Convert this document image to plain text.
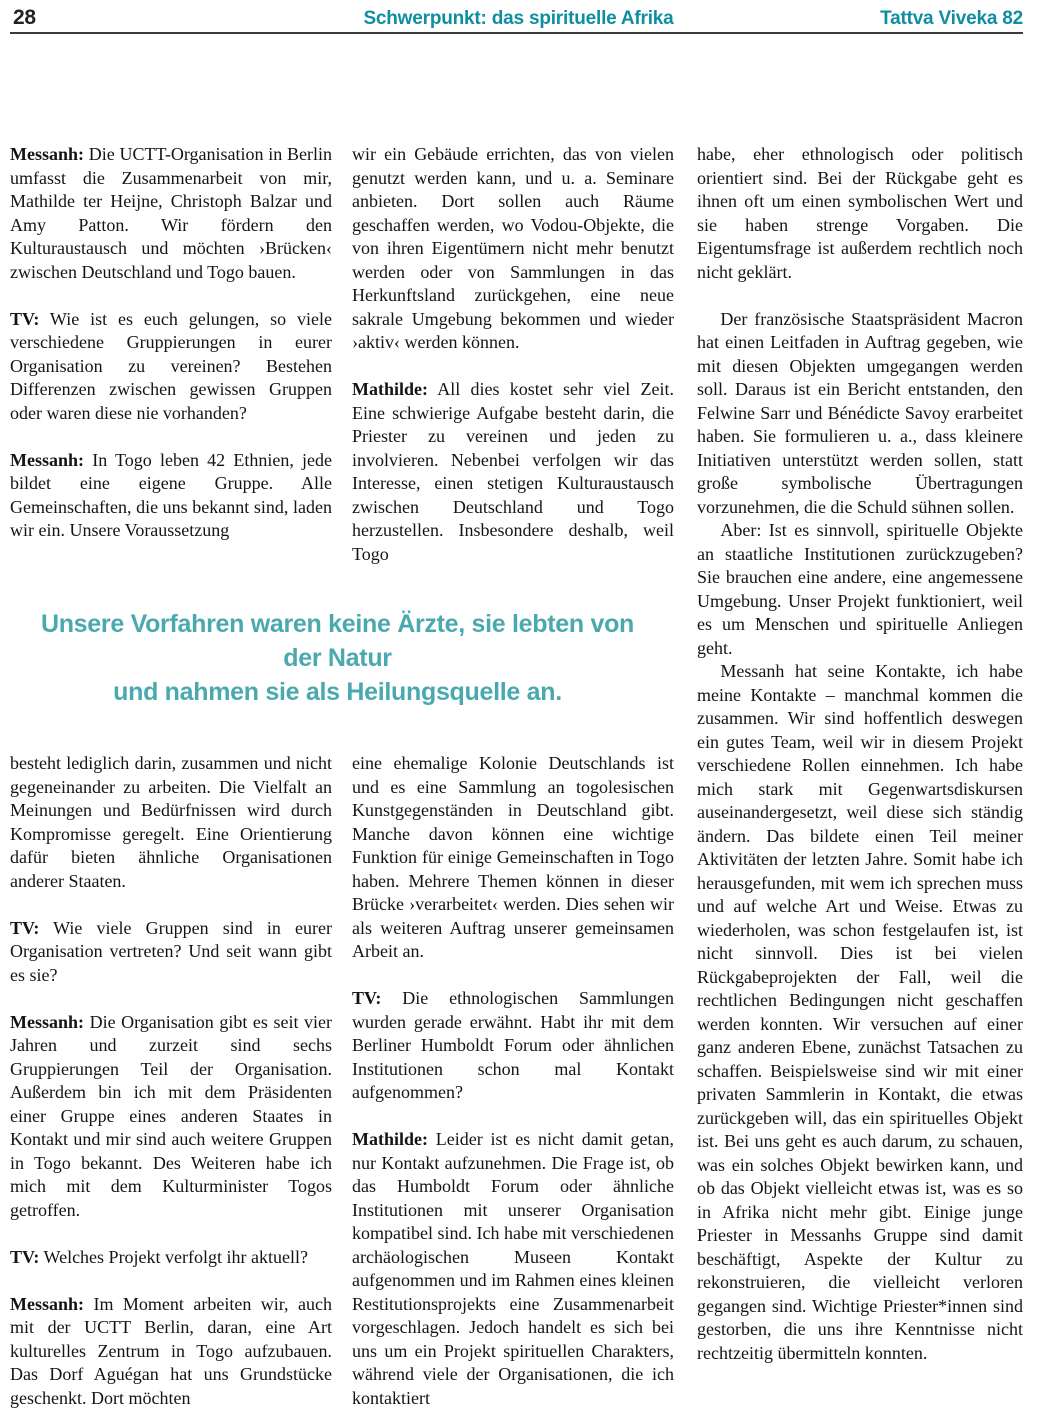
28	Schwerpunkt: das spirituelle Afrika	Tattva Viveka 82

Messanh: Die UCTT-Organisation in Berlin umfasst die Zusammenarbeit von mir, Mathilde ter Heijne, Christoph Balzar und Amy Patton. Wir fördern den Kulturaustausch und möchten ›Brücken‹ zwischen Deutschland und Togo bauen.

TV: Wie ist es euch gelungen, so viele verschiedene Gruppierungen in eurer Organisation zu vereinen? Bestehen Differenzen zwischen gewissen Gruppen oder waren diese nie vorhanden?

Messanh: In Togo leben 42 Ethnien, jede bildet eine eigene Gruppe. Alle Gemeinschaften, die uns bekannt sind, laden wir ein. Unsere Voraussetzung

wir ein Gebäude errichten, das von vielen genutzt werden kann, und u. a. Seminare anbieten. Dort sollen auch Räume geschaffen werden, wo Vodou-Objekte, die von ihren Eigentümern nicht mehr benutzt werden oder von Sammlungen in das Herkunftsland zurückgehen, eine neue sakrale Umgebung bekommen und wieder ›aktiv‹ werden können.

Mathilde: All dies kostet sehr viel Zeit. Eine schwierige Aufgabe besteht darin, die Priester zu vereinen und jeden zu involvieren. Nebenbei verfolgen wir das Interesse, einen stetigen Kulturaustausch zwischen Deutschland und Togo herzustellen. Insbesondere deshalb, weil Togo

habe, eher ethnologisch oder politisch orientiert sind. Bei der Rückgabe geht es ihnen oft um einen symbolischen Wert und sie haben strenge Vorgaben. Die Eigentumsfrage ist außerdem rechtlich noch nicht geklärt.

Der französische Staatspräsident Macron hat einen Leitfaden in Auftrag gegeben, wie mit diesen Objekten umgegangen werden soll. Daraus ist ein Bericht entstanden, den Felwine Sarr und Bénédicte Savoy erarbeitet haben. Sie formulieren u. a., dass kleinere Initiativen unterstützt werden sollen, statt große symbolische Übertragungen vorzunehmen, die die Schuld sühnen sollen.

Aber: Ist es sinnvoll, spirituelle Objekte an staatliche Institutionen zurückzugeben? Sie brauchen eine andere, eine angemessene Umgebung. Unser Projekt funktioniert, weil es um Menschen und spirituelle Anliegen geht.

Messanh hat seine Kontakte, ich habe meine Kontakte – manchmal kommen die zusammen. Wir sind hoffentlich deswegen ein gutes Team, weil wir in diesem Projekt verschiedene Rollen einnehmen. Ich habe mich stark mit Gegenwartsdiskursen auseinandergesetzt, weil diese sich ständig ändern. Das bildete einen Teil meiner Aktivitäten der letzten Jahre. Somit habe ich herausgefunden, mit wem ich sprechen muss und auf welche Art und Weise. Etwas zu wiederholen, was schon festgelaufen ist, ist nicht sinnvoll. Dies ist bei vielen Rückgabeprojekten der Fall, weil die rechtlichen Bedingungen nicht geschaffen werden konnten. Wir versuchen auf einer ganz anderen Ebene, zunächst Tatsachen zu schaffen. Beispielsweise sind wir mit einer privaten Sammlerin in Kontakt, die etwas zurückgeben will, das ein spirituelles Objekt ist. Bei uns geht es auch darum, zu schauen, was ein solches Objekt bewirken kann, und ob das Objekt vielleicht etwas ist, was es so in Afrika nicht mehr gibt. Einige junge Priester in Messanhs Gruppe sind damit beschäftigt, Aspekte der Kultur zu rekonstruieren, die vielleicht verloren gegangen sind. Wichtige Priester*innen sind gestorben, die uns ihre Kenntnisse nicht rechtzeitig übermitteln konnten.

Unsere Vorfahren waren keine Ärzte, sie lebten von der Natur
und nahmen sie als Heilungsquelle an.

besteht lediglich darin, zusammen und nicht gegeneinander zu arbeiten. Die Vielfalt an Meinungen und Bedürfnissen wird durch Kompromisse geregelt. Eine Orientierung dafür bieten ähnliche Organisationen anderer Staaten.

TV: Wie viele Gruppen sind in eurer Organisation vertreten? Und seit wann gibt es sie?

Messanh: Die Organisation gibt es seit vier Jahren und zurzeit sind sechs Gruppierungen Teil der Organisation. Außerdem bin ich mit dem Präsidenten einer Gruppe eines anderen Staates in Kontakt und mir sind auch weitere Gruppen in Togo bekannt. Des Weiteren habe ich mich mit dem Kulturminister Togos getroffen.

TV: Welches Projekt verfolgt ihr aktuell?

Messanh: Im Moment arbeiten wir, auch mit der UCTT Berlin, daran, eine Art kulturelles Zentrum in Togo aufzubauen. Das Dorf Aguégan hat uns Grundstücke geschenkt. Dort möchten

eine ehemalige Kolonie Deutschlands ist und es eine Sammlung an togolesischen Kunstgegenständen in Deutschland gibt. Manche davon können eine wichtige Funktion für einige Gemeinschaften in Togo haben. Mehrere Themen können in dieser Brücke ›verarbeitet‹ werden. Dies sehen wir als weiteren Auftrag unserer gemeinsamen Arbeit an.

TV: Die ethnologischen Sammlungen wurden gerade erwähnt. Habt ihr mit dem Berliner Humboldt Forum oder ähnlichen Institutionen schon mal Kontakt aufgenommen?

Mathilde: Leider ist es nicht damit getan, nur Kontakt aufzunehmen. Die Frage ist, ob das Humboldt Forum oder ähnliche Institutionen mit unserer Organisation kompatibel sind. Ich habe mit verschiedenen archäologischen Museen Kontakt aufgenommen und im Rahmen eines kleinen Restitutionsprojekts eine Zusammenarbeit vorgeschlagen. Jedoch handelt es sich bei uns um ein Projekt spirituellen Charakters, während viele der Organisationen, die ich kontaktiert
